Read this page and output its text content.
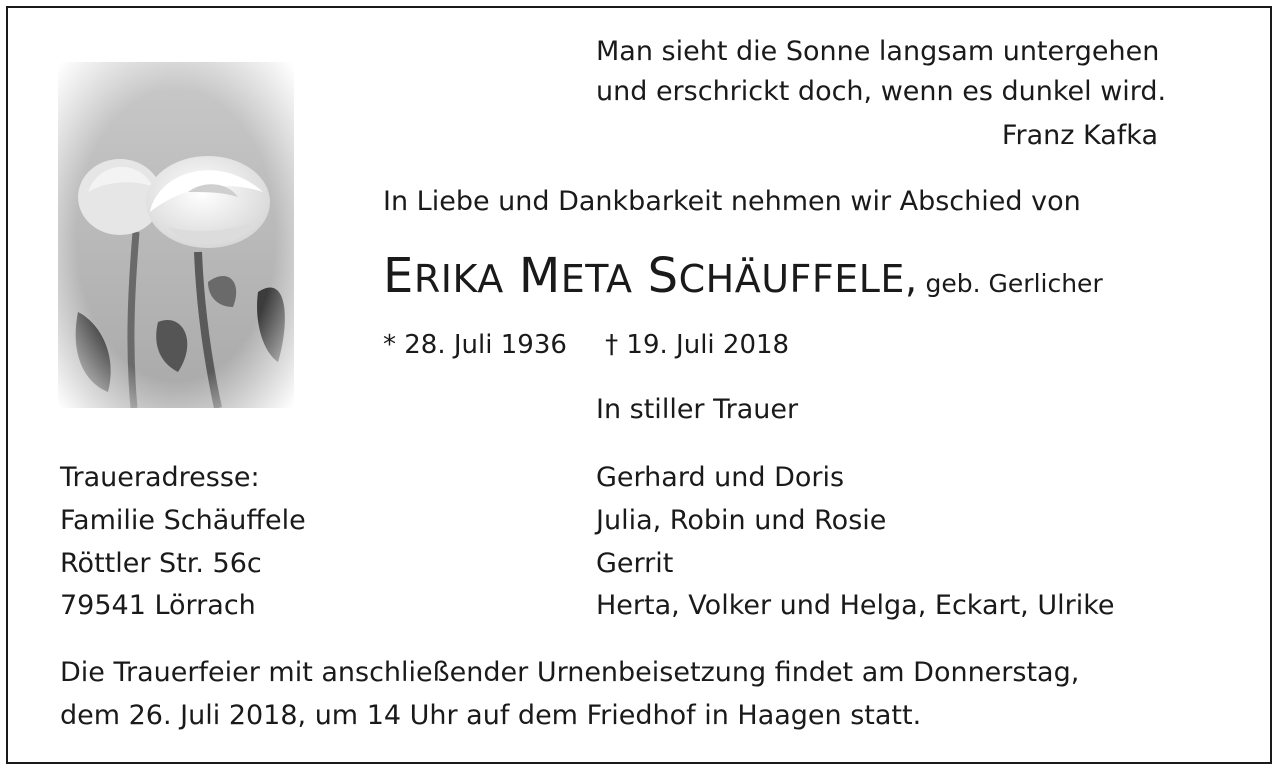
Man sieht die Sonne langsam untergehen
und erschrickt doch, wenn es dunkel wird.
Franz Kafka
In Liebe und Dankbarkeit nehmen wir Abschied von
ERIKA META SCHÄUFFELE, geb. Gerlicher
* 28. Juli 1936 † 19. Juli 2018
In stiller Trauer
Traueradresse:
Familie Schäuffele
Röttler Str. 56c
79541 Lörrach
Gerhard und Doris
Julia, Robin und Rosie
Gerrit
Herta, Volker und Helga, Eckart, Ulrike
Die Trauerfeier mit anschließender Urnenbeisetzung findet am Donnerstag,
dem 26. Juli 2018, um 14 Uhr auf dem Friedhof in Haagen statt.
